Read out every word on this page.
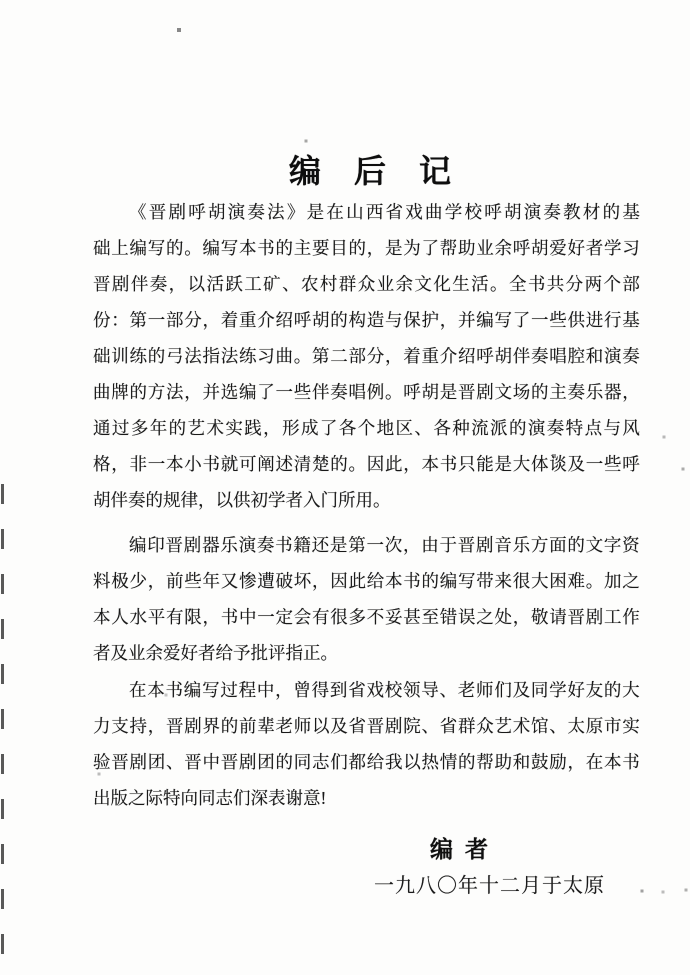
编后记
《 晋 剧 呼 胡 演 奏 法 》 是 在 山 西 省 戏 曲 学 校 呼 胡 演 奏 教 材 的 基
础 上 编 写 的 。 编 写 本 书 的 主 要 目 的 ， 是 为 了 帮 助 业 余 呼 胡 爱 好 者 学 习
晋 剧 伴 奏 ， 以 活 跃 工 矿 、 农 村 群 众 业 余 文 化 生 活 。 全 书 共 分 两 个 部
份 ： 第 一 部 分 ， 着 重 介 绍 呼 胡 的 构 造 与 保 护 ， 并 编 写 了 一 些 供 进 行 基
础 训 练 的 弓 法 指 法 练 习 曲 。 第 二 部 分 ， 着 重 介 绍 呼 胡 伴 奏 唱 腔 和 演 奏
曲 牌 的 方 法 ， 并 选 编 了 一 些 伴 奏 唱 例 。 呼 胡 是 晋 剧 文 场 的 主 奏 乐 器 ，
通 过 多 年 的 艺 术 实 践 ， 形 成 了 各 个 地 区 、 各 种 流 派 的 演 奏 特 点 与 风
格 ， 非 一 本 小 书 就 可 阐 述 清 楚 的 。 因 此 ， 本 书 只 能 是 大 体 谈 及 一 些 呼
胡伴奏的规律，以供初学者入门所用。
编 印 晋 剧 器 乐 演 奏 书 籍 还 是 第 一 次 ， 由 于 晋 剧 音 乐 方 面 的 文 字 资
料 极 少 ， 前 些 年 又 惨 遭 破 坏 ， 因 此 给 本 书 的 编 写 带 来 很 大 困 难 。 加 之
本 人 水 平 有 限 ， 书 中 一 定 会 有 很 多 不 妥 甚 至 错 误 之 处 ， 敬 请 晋 剧 工 作
者及业余爱好者给予批评指正。
在 本 书 编 写 过 程 中 ， 曾 得 到 省 戏 校 领 导 、 老 师 们 及 同 学 好 友 的 大
力 支 持 ， 晋 剧 界 的 前 辈 老 师 以 及 省 晋 剧 院 、 省 群 众 艺 术 馆 、 太 原 市 实
验 晋 剧 团 、 晋 中 晋 剧 团 的 同 志 们 都 给 我 以 热 情 的 帮 助 和 鼓 励 ， 在 本 书
出版之际特向同志们深表谢意!
编者
一九八〇年十二月于太原
